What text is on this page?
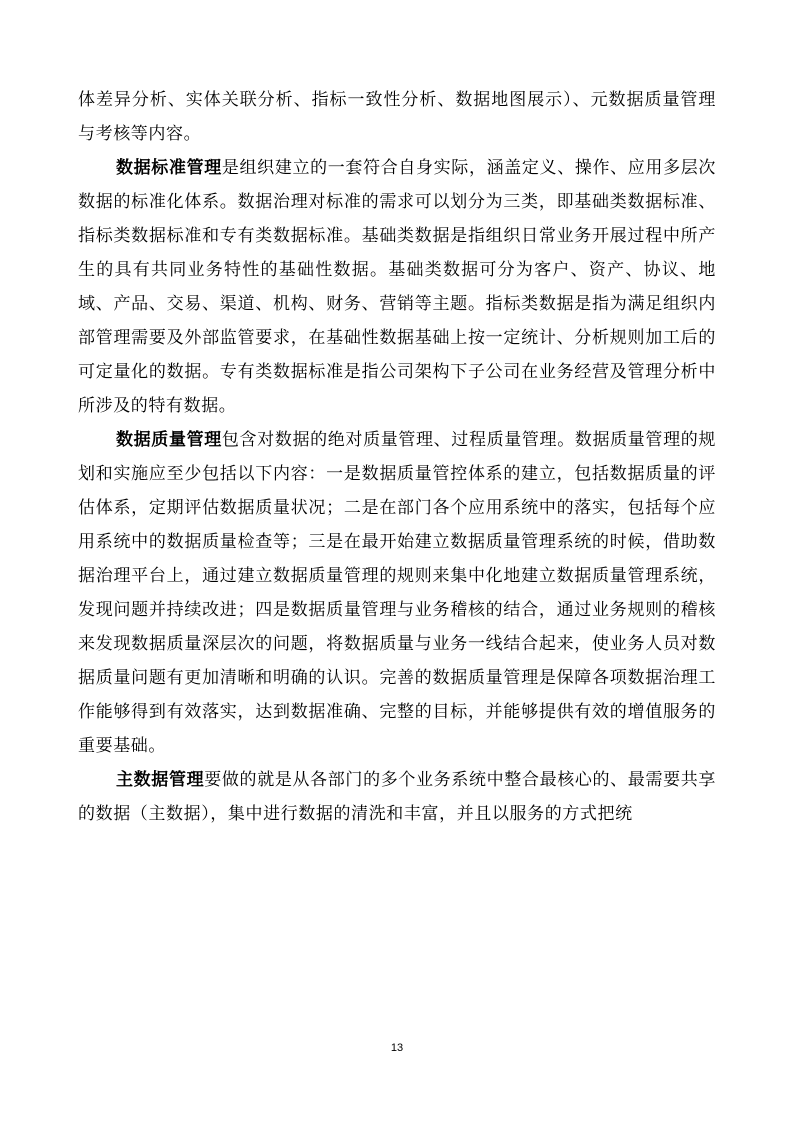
体差异分析、实体关联分析、指标一致性分析、数据地图展示）、元数据质量管理与考核等内容。

数据标准管理是组织建立的一套符合自身实际，涵盖定义、操作、应用多层次数据的标准化体系。数据治理对标准的需求可以划分为三类，即基础类数据标准、指标类数据标准和专有类数据标准。基础类数据是指组织日常业务开展过程中所产生的具有共同业务特性的基础性数据。基础类数据可分为客户、资产、协议、地域、产品、交易、渠道、机构、财务、营销等主题。指标类数据是指为满足组织内部管理需要及外部监管要求，在基础性数据基础上按一定统计、分析规则加工后的可定量化的数据。专有类数据标准是指公司架构下子公司在业务经营及管理分析中所涉及的特有数据。

数据质量管理包含对数据的绝对质量管理、过程质量管理。数据质量管理的规划和实施应至少包括以下内容：一是数据质量管控体系的建立，包括数据质量的评估体系，定期评估数据质量状况；二是在部门各个应用系统中的落实，包括每个应用系统中的数据质量检查等；三是在最开始建立数据质量管理系统的时候，借助数据治理平台上，通过建立数据质量管理的规则来集中化地建立数据质量管理系统，发现问题并持续改进；四是数据质量管理与业务稽核的结合，通过业务规则的稽核来发现数据质量深层次的问题，将数据质量与业务一线结合起来，使业务人员对数据质量问题有更加清晰和明确的认识。完善的数据质量管理是保障各项数据治理工作能够得到有效落实，达到数据准确、完整的目标，并能够提供有效的增值服务的重要基础。

主数据管理要做的就是从各部门的多个业务系统中整合最核心的、最需要共享的数据（主数据），集中进行数据的清洗和丰富，并且以服务的方式把统

13
